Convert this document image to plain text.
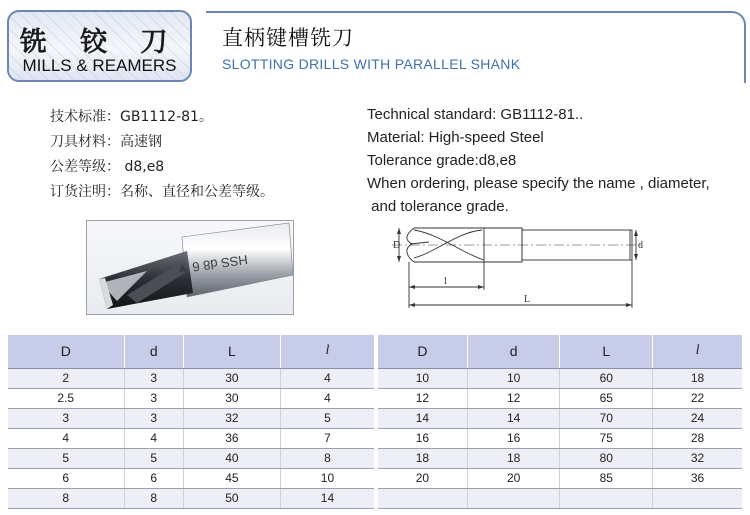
铣 铰 刀
MILLS & REAMERS
直柄键槽铣刀
SLOTTING DRILLS WITH PARALLEL SHANK
技术标准：GB1112-81。
刀具材料：高速钢
公差等级： d8,e8
订货注明：名称、直径和公差等级。
Technical standard: GB1112-81..
Material: High-speed Steel
Tolerance grade:d8,e8
When ordering, please specify the name , diameter,
and tolerance grade.
HSS d8 6 ▼
D	d
l
L
D	d	L	l
2	3	30	4
2.5	3	30	4
3	3	32	5
4	4	36	7
5	5	40	8
6	6	45	10
8	8	50	14
D	d	L	l
10	10	60	18
12	12	65	22
14	14	70	24
16	16	75	28
18	18	80	32
20	20	85	36
